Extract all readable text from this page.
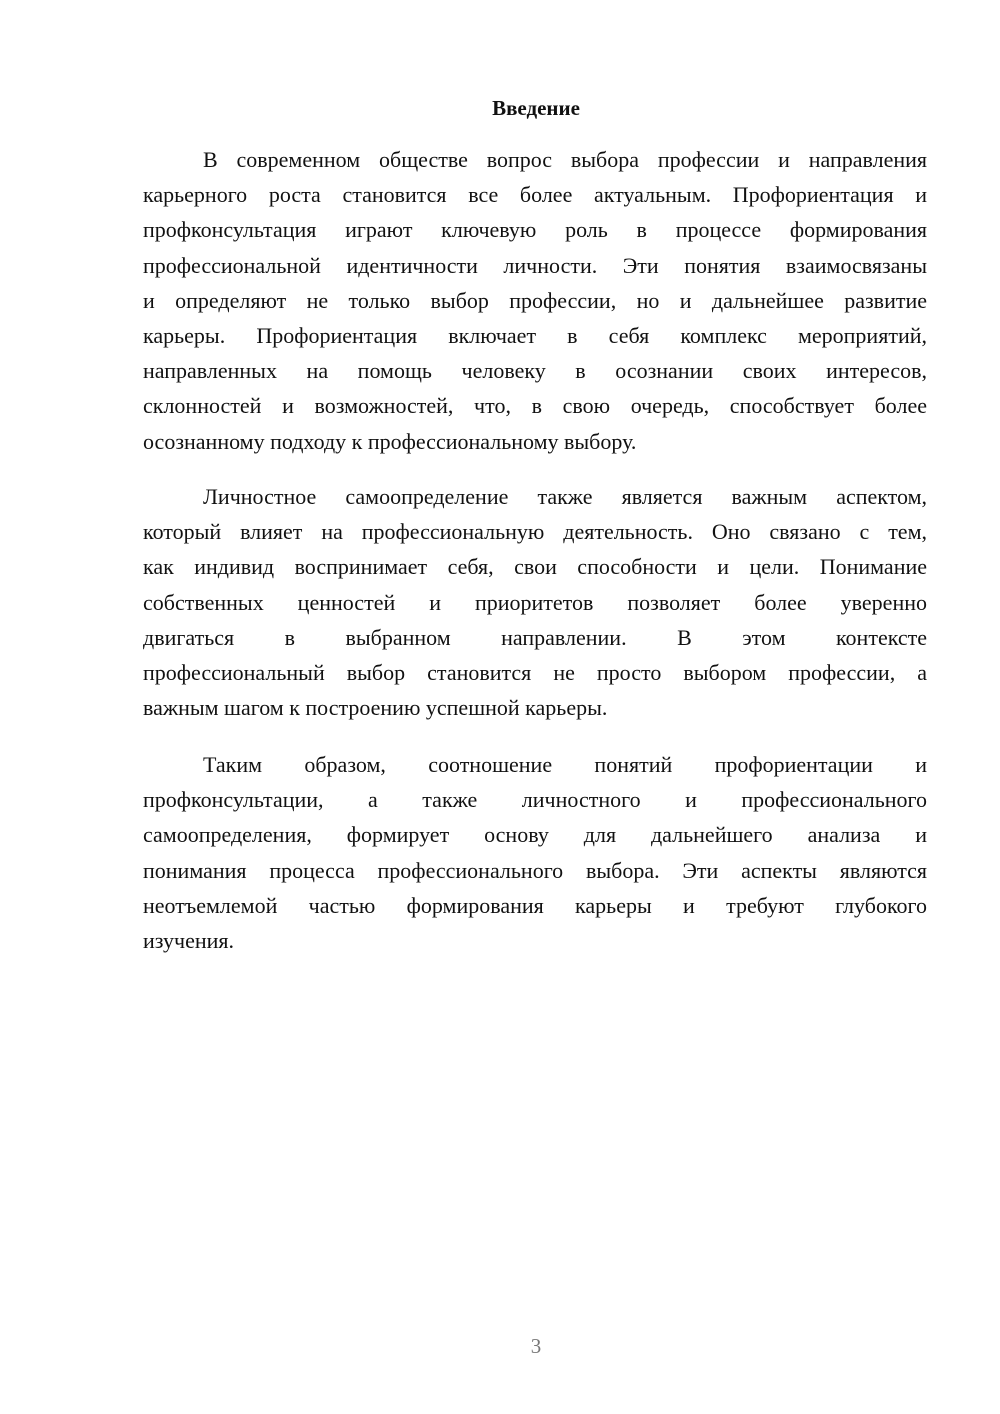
Введение
В современном обществе вопрос выбора профессии и направления
карьерного роста становится все более актуальным. Профориентация и
профконсультация играют ключевую роль в процессе формирования
профессиональной идентичности личности. Эти понятия взаимосвязаны
и определяют не только выбор профессии, но и дальнейшее развитие
карьеры. Профориентация включает в себя комплекс мероприятий,
направленных на помощь человеку в осознании своих интересов,
склонностей и возможностей, что, в свою очередь, способствует более
осознанному подходу к профессиональному выбору.
Личностное самоопределение также является важным аспектом,
который влияет на профессиональную деятельность. Оно связано с тем,
как индивид воспринимает себя, свои способности и цели. Понимание
собственных ценностей и приоритетов позволяет более уверенно
двигаться в выбранном направлении. В этом контексте
профессиональный выбор становится не просто выбором профессии, а
важным шагом к построению успешной карьеры.
Таким образом, соотношение понятий профориентации и
профконсультации, а также личностного и профессионального
самоопределения, формирует основу для дальнейшего анализа и
понимания процесса профессионального выбора. Эти аспекты являются
неотъемлемой частью формирования карьеры и требуют глубокого
изучения.
3
